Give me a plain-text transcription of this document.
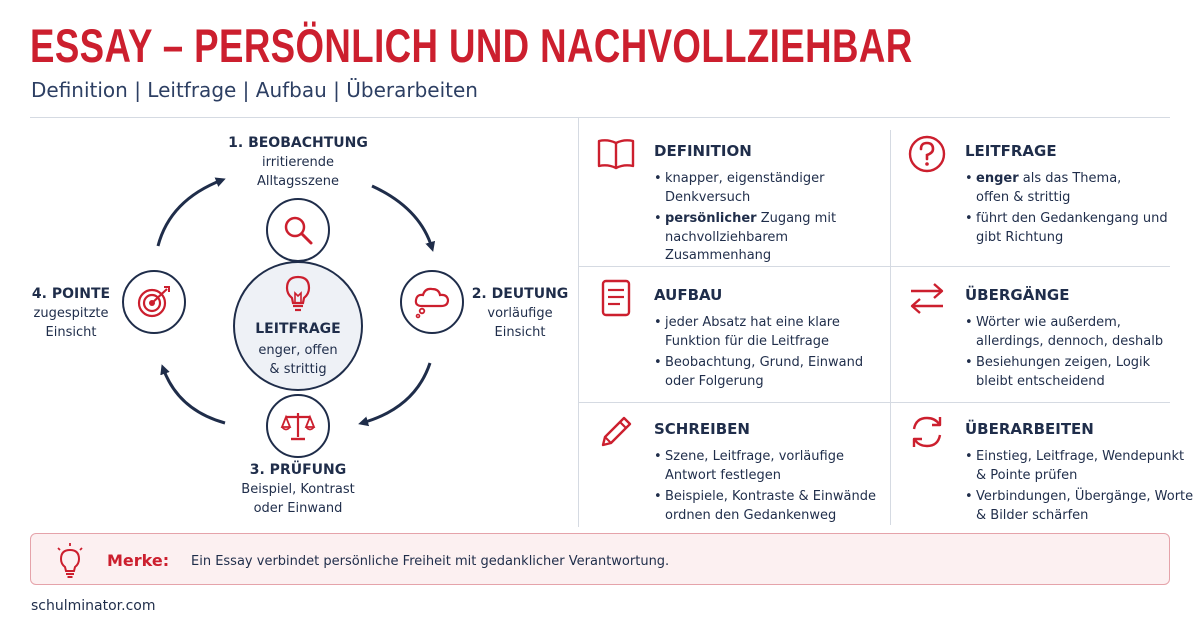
ESSAY – PERSÖNLICH UND NACHVOLLZIEHBAR
Definition | Leitfrage | Aufbau | Überarbeiten
1. BEOBACHTUNG
irritierende
Alltagsszene
2. DEUTUNG
vorläufige
Einsicht
3. PRÜFUNG
Beispiel, Kontrast
oder Einwand
4. POINTE
zugespitzte
Einsicht	LEITFRAGE
enger, offen
& strittig
DEFINITION
• knapper, eigenständiger
Denkversuch
• persönlicher Zugang mit
nachvollziehbarem Zusammenhang
LEITFRAGE
• enger als das Thema,
offen & strittig
• führt den Gedankengang und
gibt Richtung
AUFBAU
• jeder Absatz hat eine klare
Funktion für die Leitfrage
• Beobachtung, Grund, Einwand
oder Folgerung
ÜBERGÄNGE
• Wörter wie außerdem,
allerdings, dennoch, deshalb
• Besiehungen zeigen, Logik
bleibt entscheidend
SCHREIBEN
• Szene, Leitfrage, vorläufige
Antwort festlegen
• Beispiele, Kontraste & Einwände
ordnen den Gedankenweg
ÜBERARBEITEN
• Einstieg, Leitfrage, Wendepunkt
& Pointe prüfen
• Verbindungen, Übergänge, Worte
& Bilder schärfen
Merke: Ein Essay verbindet persönliche Freiheit mit gedanklicher Verantwortung.
schulminator.com
